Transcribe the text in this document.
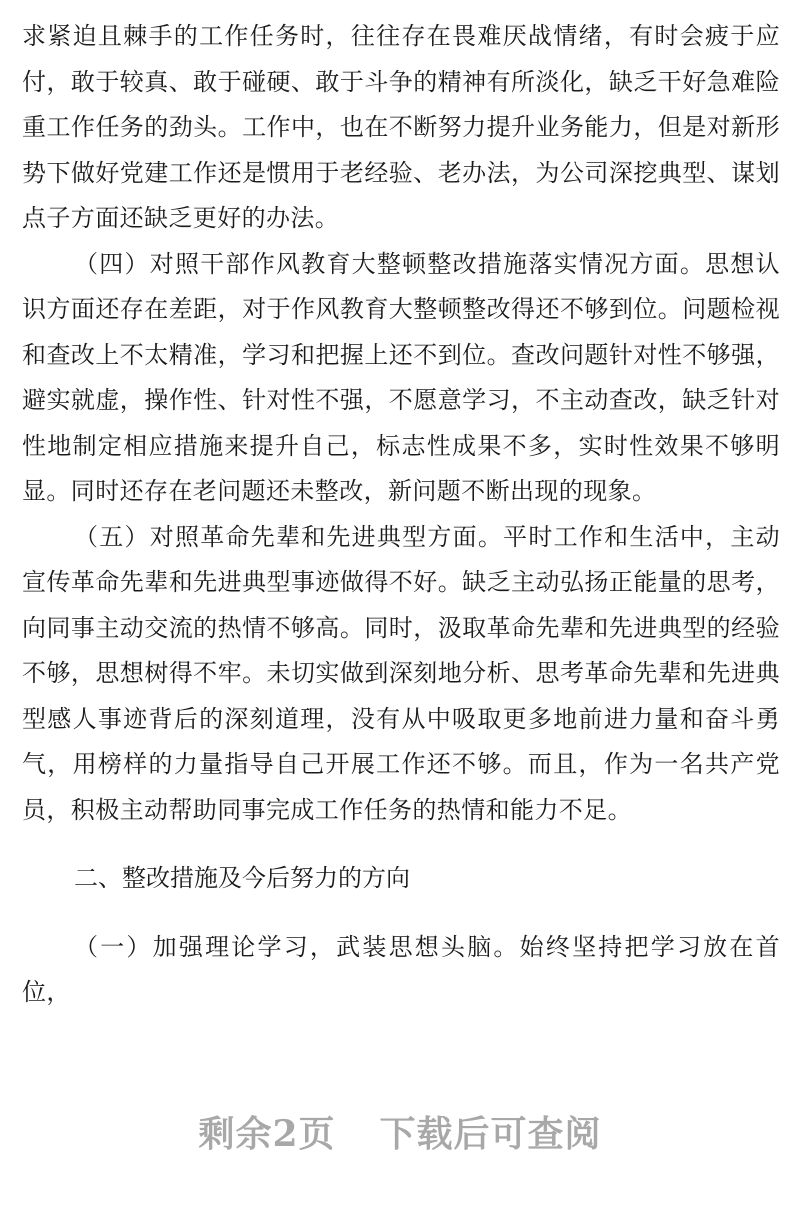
求紧迫且棘手的工作任务时，往往存在畏难厌战情绪，有时会疲于应付，敢于较真、敢于碰硬、敢于斗争的精神有所淡化，缺乏干好急难险重工作任务的劲头。工作中，也在不断努力提升业务能力，但是对新形势下做好党建工作还是惯用于老经验、老办法，为公司深挖典型、谋划点子方面还缺乏更好的办法。

（四）对照干部作风教育大整顿整改措施落实情况方面。思想认识方面还存在差距，对于作风教育大整顿整改得还不够到位。问题检视和查改上不太精准，学习和把握上还不到位。查改问题针对性不够强，避实就虚，操作性、针对性不强，不愿意学习，不主动查改，缺乏针对性地制定相应措施来提升自己，标志性成果不多，实时性效果不够明显。同时还存在老问题还未整改，新问题不断出现的现象。

（五）对照革命先辈和先进典型方面。平时工作和生活中，主动宣传革命先辈和先进典型事迹做得不好。缺乏主动弘扬正能量的思考，向同事主动交流的热情不够高。同时，汲取革命先辈和先进典型的经验不够，思想树得不牢。未切实做到深刻地分析、思考革命先辈和先进典型感人事迹背后的深刻道理，没有从中吸取更多地前进力量和奋斗勇气，用榜样的力量指导自己开展工作还不够。而且，作为一名共产党员，积极主动帮助同事完成工作任务的热情和能力不足。

二、整改措施及今后努力的方向

（一）加强理论学习，武装思想头脑。始终坚持把学习放在首位，

剩余2页 下载后可查阅
